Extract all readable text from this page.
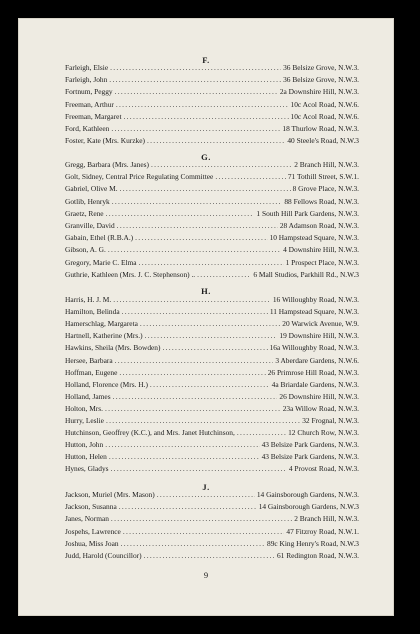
F.
Farleigh, Elsie .....	36 Belsize Grove, N.W.3.
Farleigh, John .....	36 Belsize Grove, N.W.3.
Fortnum, Peggy .....	2a Downshire Hill, N.W.3.
Freeman, Arthur .....	10c Acol Road, N.W.6.
Freeman, Margaret .....	10c Acol Road, N.W.6.
Ford, Kathleen .....	18 Thurlow Road, N.W.3.
Foster, Kate (Mrs. Kurzke) .....	40 Steele's Road, N.W.3
G.
Gregg, Barbara (Mrs. Janes) .....	2 Branch Hill, N.W.3.
Golt, Sidney, Central Price Regulating Committee .....	71 Tothill Street, S.W.1.
Gabriel, Olive M. .....	8 Grove Place, N.W.3.
Gotlib, Henryk .....	88 Fellows Road, N.W.3.
Graetz, Rene .....	1 South Hill Park Gardens, N.W.3.
Granville, David .....	28 Adamson Road, N.W.3.
Gabain, Ethel (R.B.A.) .....	10 Hampstead Square, N.W.3.
Gibson, A. G. .....	4 Downshire Hill, N.W.3.
Gregory, Marie C. Elma .....	1 Prospect Place, N.W.3.
Guthrie, Kathleen (Mrs. J. C. Stephenson) .. .....	6 Mall Studios, Parkhill Rd., N.W.3
H.
Harris, H. J. M. .....	16 Willoughby Road, N.W.3.
Hamilton, Belinda .....	11 Hampstead Square, N.W.3.
Hamerschlag, Margareta .....	20 Warwick Avenue, W.9.
Hartnell, Katherine (Mrs.) .....	19 Downshire Hill, N.W.3.
Hawkins, Sheila (Mrs. Bowden) .....	16a Willoughby Road, N.W.3.
Hersee, Barbara .....	3 Aberdare Gardens, N.W.6.
Hoffman, Eugene .....	26 Primrose Hill Road, N.W.3.
Holland, Florence (Mrs. H.) .....	4a Briardale Gardens, N.W.3.
Holland, James .....	26 Downshire Hill, N.W.3.
Holton, Mrs. .....	23a Willow Road, N.W.3.
Hurry, Leslie .....	32 Frognal, N.W.3.
Hutchinson, Geoffrey (K.C.), and Mrs. Janet Hutchinson, .....	12 Church Row, N.W.3.
Hutton, John .....	43 Belsize Park Gardens, N.W.3.
Hutton, Helen .....	43 Belsize Park Gardens, N.W.3.
Hynes, Gladys .....	4 Provost Road, N.W.3.
J.
Jackson, Muriel (Mrs. Mason) .....	14 Gainsborough Gardens, N.W.3.
Jackson, Susanna .....	14 Gainsborough Gardens, N.W.3
Janes, Norman .....	2 Branch Hill, N.W.3.
Jospehs, Lawrence .....	47 Fitzroy Road, N.W.1.
Joshua, Miss Joan .....	89c King Henry's Road, N.W.3
Judd, Harold (Councillor) .....	61 Redington Road, N.W.3.
9
